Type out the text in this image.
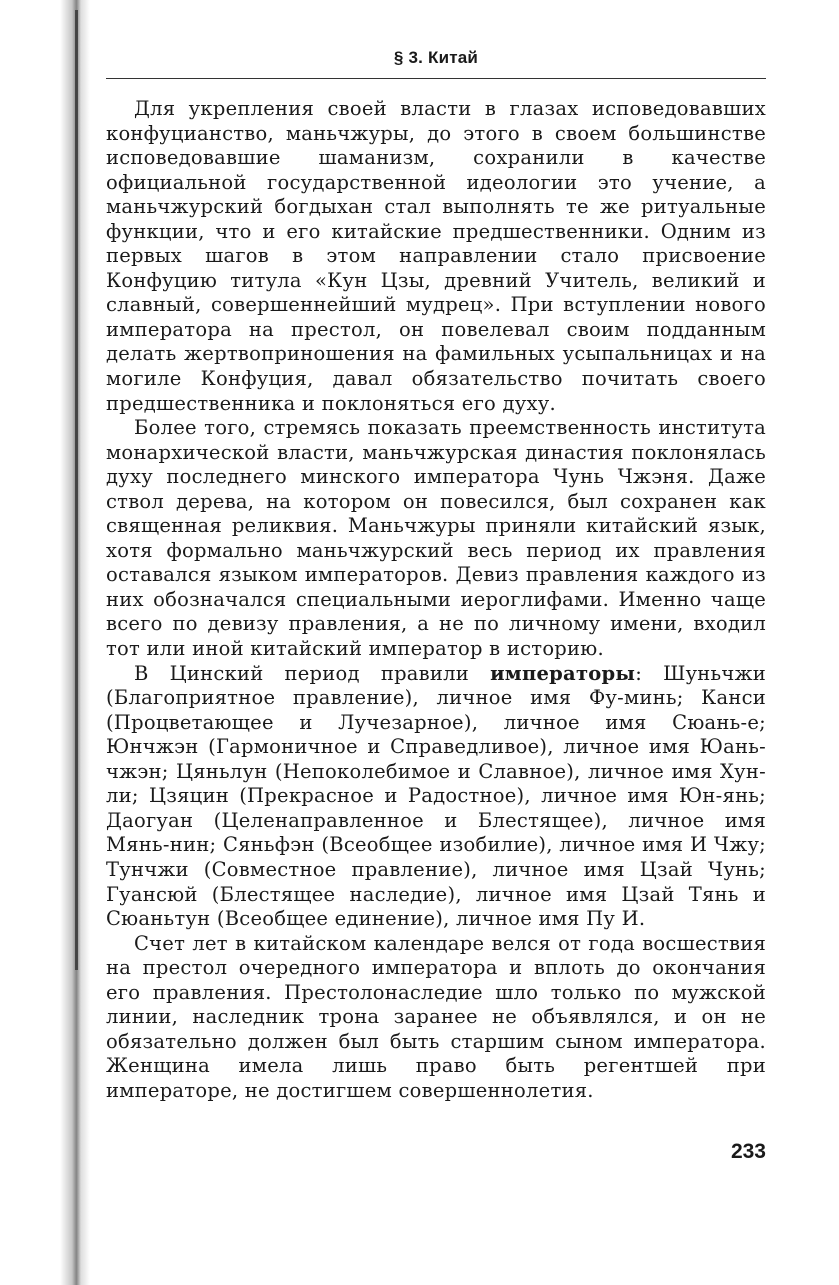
§ 3. Китай

Для укрепления своей власти в глазах исповедовавших конфуцианство, маньчжуры, до этого в своем большинстве исповедовавшие шаманизм, сохранили в качестве официальной государственной идеологии это учение, а маньчжурский богдыхан стал выполнять те же ритуальные функции, что и его китайские предшественники. Одним из первых шагов в этом направлении стало присвоение Конфуцию титула «Кун Цзы, древний Учитель, великий и славный, совершеннейший мудрец». При вступлении нового императора на престол, он повелевал своим подданным делать жертвоприношения на фамильных усыпальницах и на могиле Конфуция, давал обязательство почитать своего предшественника и поклоняться его духу.

Более того, стремясь показать преемственность института монархической власти, маньчжурская династия поклонялась духу последнего минского императора Чунь Чжэня. Даже ствол дерева, на котором он повесился, был сохранен как священная реликвия. Маньчжуры приняли китайский язык, хотя формально маньчжурский весь период их правления оставался языком императоров. Девиз правления каждого из них обозначался специальными иероглифами. Именно чаще всего по девизу правления, а не по личному имени, входил тот или иной китайский император в историю.

В Цинский период правили императоры: Шуньчжи (Благоприятное правление), личное имя Фу-минь; Канси (Процветающее и Лучезарное), личное имя Сюань-е; Юнчжэн (Гармоничное и Справедливое), личное имя Юань-чжэн; Цяньлун (Непоколебимое и Славное), личное имя Хун-ли; Цзяцин (Прекрасное и Радостное), личное имя Юн-янь; Даогуан (Целенаправленное и Блестящее), личное имя Мянь-нин; Сяньфэн (Всеобщее изобилие), личное имя И Чжу; Тунчжи (Совместное правление), личное имя Цзай Чунь; Гуансюй (Блестящее наследие), личное имя Цзай Тянь и Сюаньтун (Всеобщее единение), личное имя Пу И.

Счет лет в китайском календаре велся от года восшествия на престол очередного императора и вплоть до окончания его правления. Престолонаследие шло только по мужской линии, наследник трона заранее не объявлялся, и он не обязательно должен был быть старшим сыном императора. Женщина имела лишь право быть регентшей при императоре, не достигшем совершеннолетия.

233
